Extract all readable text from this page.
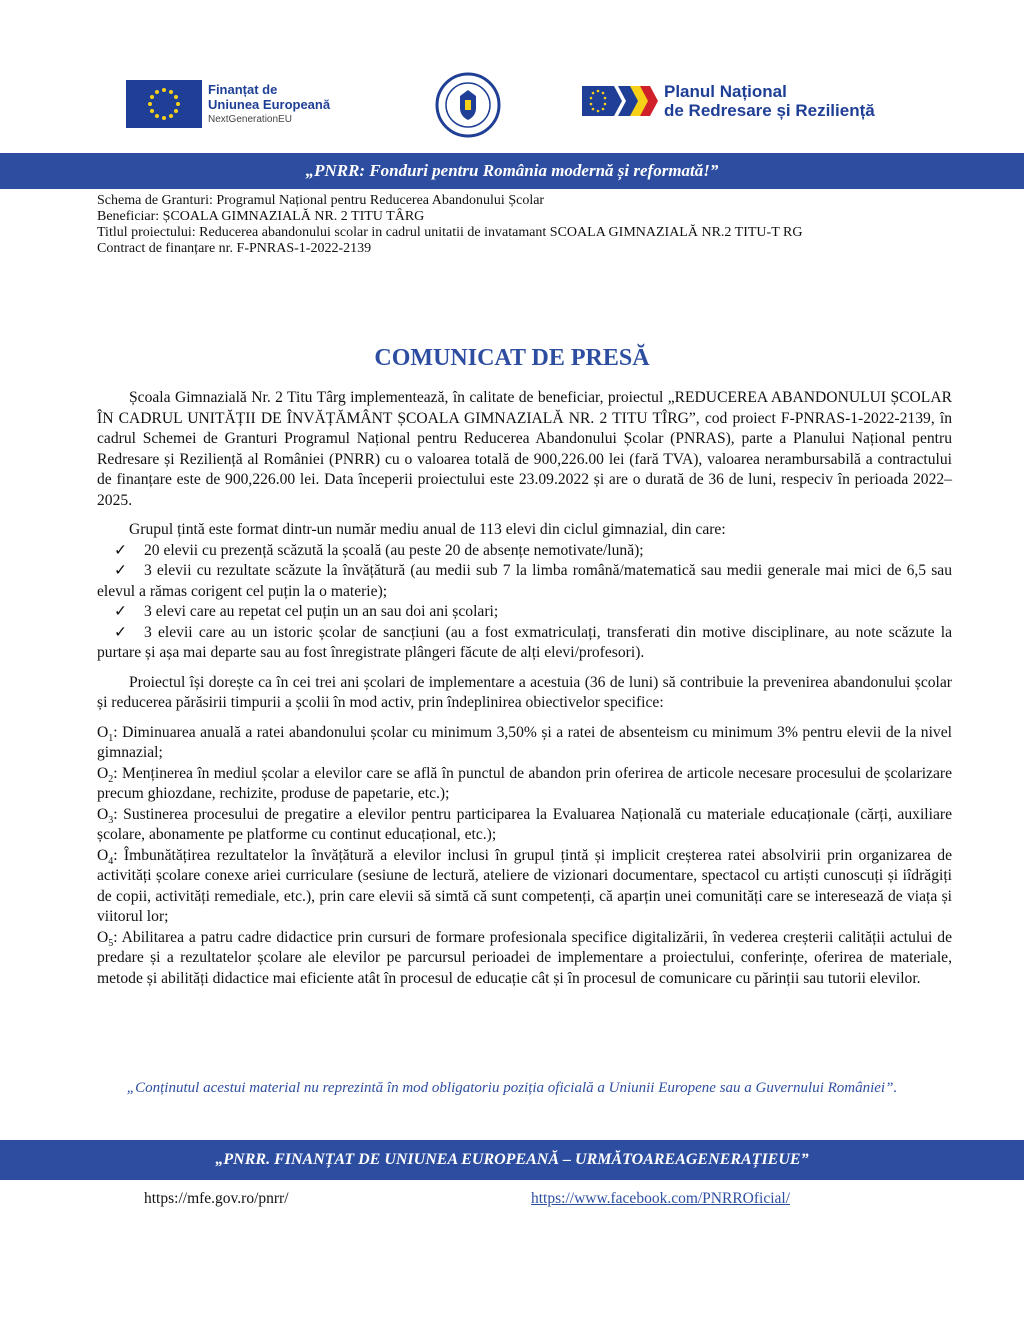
Finanțat de
Uniunea Europeană
NextGenerationEU
Planul Național
de Redresare și Reziliență
„PNRR: Fonduri pentru România modernă și reformată!”
Schema de Granturi: Programul Național pentru Reducerea Abandonului Școlar
Beneficiar: ȘCOALA GIMNAZIALĂ NR. 2 TITU TÂRG
Titlul proiectului: Reducerea abandonului scolar in cadrul unitatii de invatamant SCOALA GIMNAZIALĂ NR.2 TITU-T RG
Contract de finanțare nr. F-PNRAS-1-2022-2139
COMUNICAT DE PRESĂ

Școala Gimnazială Nr. 2 Titu Târg implementează, în calitate de beneficiar, proiectul „REDUCEREA ABANDONULUI ȘCOLAR ÎN CADRUL UNITĂȚII DE ÎNVĂȚĂMÂNT ȘCOALA GIMNAZIALĂ NR. 2 TITU TÎRG”, cod proiect F-PNRAS-1-2022-2139, în cadrul Schemei de Granturi Programul Național pentru Reducerea Abandonului Școlar (PNRAS), parte a Planului Național pentru Redresare și Reziliență al României (PNRR) cu o valoarea totală de 900,226.00 lei (fară TVA), valoarea nerambursabilă a contractului de finanțare este de 900,226.00 lei. Data începerii proiectului este 23.09.2022 și are o durată de 36 de luni, respeciv în perioada 2022–2025.

Grupul țintă este format dintr-un număr mediu anual de 113 elevi din ciclul gimnazial, din care:

✓ 20 elevii cu prezență scăzută la școală (au peste 20 de absențe nemotivate/lună);
✓ 3 elevii cu rezultate scăzute la învățătură (au medii sub 7 la limba română/matematică sau medii generale mai mici de 6,5 sau elevul a rămas corigent cel puțin la o materie);
✓ 3 elevi care au repetat cel puțin un an sau doi ani școlari;
✓ 3 elevii care au un istoric școlar de sancțiuni (au a fost exmatriculați, transferati din motive disciplinare, au note scăzute la purtare și așa mai departe sau au fost înregistrate plângeri făcute de alți elevi/profesori).

Proiectul își dorește ca în cei trei ani școlari de implementare a acestuia (36 de luni) să contribuie la prevenirea abandonului școlar și reducerea părăsirii timpurii a școlii în mod activ, prin îndeplinirea obiectivelor specifice:

$O_1$: Diminuarea anuală a ratei abandonului școlar cu minimum 3,50% și a ratei de absenteism cu minimum 3% pentru elevii de la nivel gimnazial;

$O_2$: Menținerea în mediul școlar a elevilor care se află în punctul de abandon prin oferirea de articole necesare procesului de școlarizare precum ghiozdane, rechizite, produse de papetarie, etc.);

$O_3$: Sustinerea procesului de pregatire a elevilor pentru participarea la Evaluarea Națională cu materiale educaționale (cărți, auxiliare școlare, abonamente pe platforme cu continut educațional, etc.);

$O_4$: Îmbunătățirea rezultatelor la învățătură a elevilor inclusi în grupul țintă și implicit creșterea ratei absolvirii prin organizarea de activități școlare conexe ariei curriculare (sesiune de lectură, ateliere de vizionari documentare, spectacol cu artiști cunoscuți și iîdrăgiți de copii, activități remediale, etc.), prin care elevii să simtă că sunt competenți, că aparțin unei comunități care se interesează de viața și viitorul lor;

$O_5$: Abilitarea a patru cadre didactice prin cursuri de formare profesionala specifice digitalizării, în vederea creșterii calității actului de predare și a rezultatelor școlare ale elevilor pe parcursul perioadei de implementare a proiectului, conferințe, oferirea de materiale, metode și abilități didactice mai eficiente atât în procesul de educație cât și în procesul de comunicare cu părinții sau tutorii elevilor.

„Conținutul acestui material nu reprezintă în mod obligatoriu poziția oficială a Uniunii Europene sau a Guvernului României”.
„PNRR. FINANȚAT DE UNIUNEA EUROPEANĂ – URMĂTOAREAGENERAȚIEUE”
https://mfe.gov.ro/pnrr/	https://www.facebook.com/PNRROficial/
